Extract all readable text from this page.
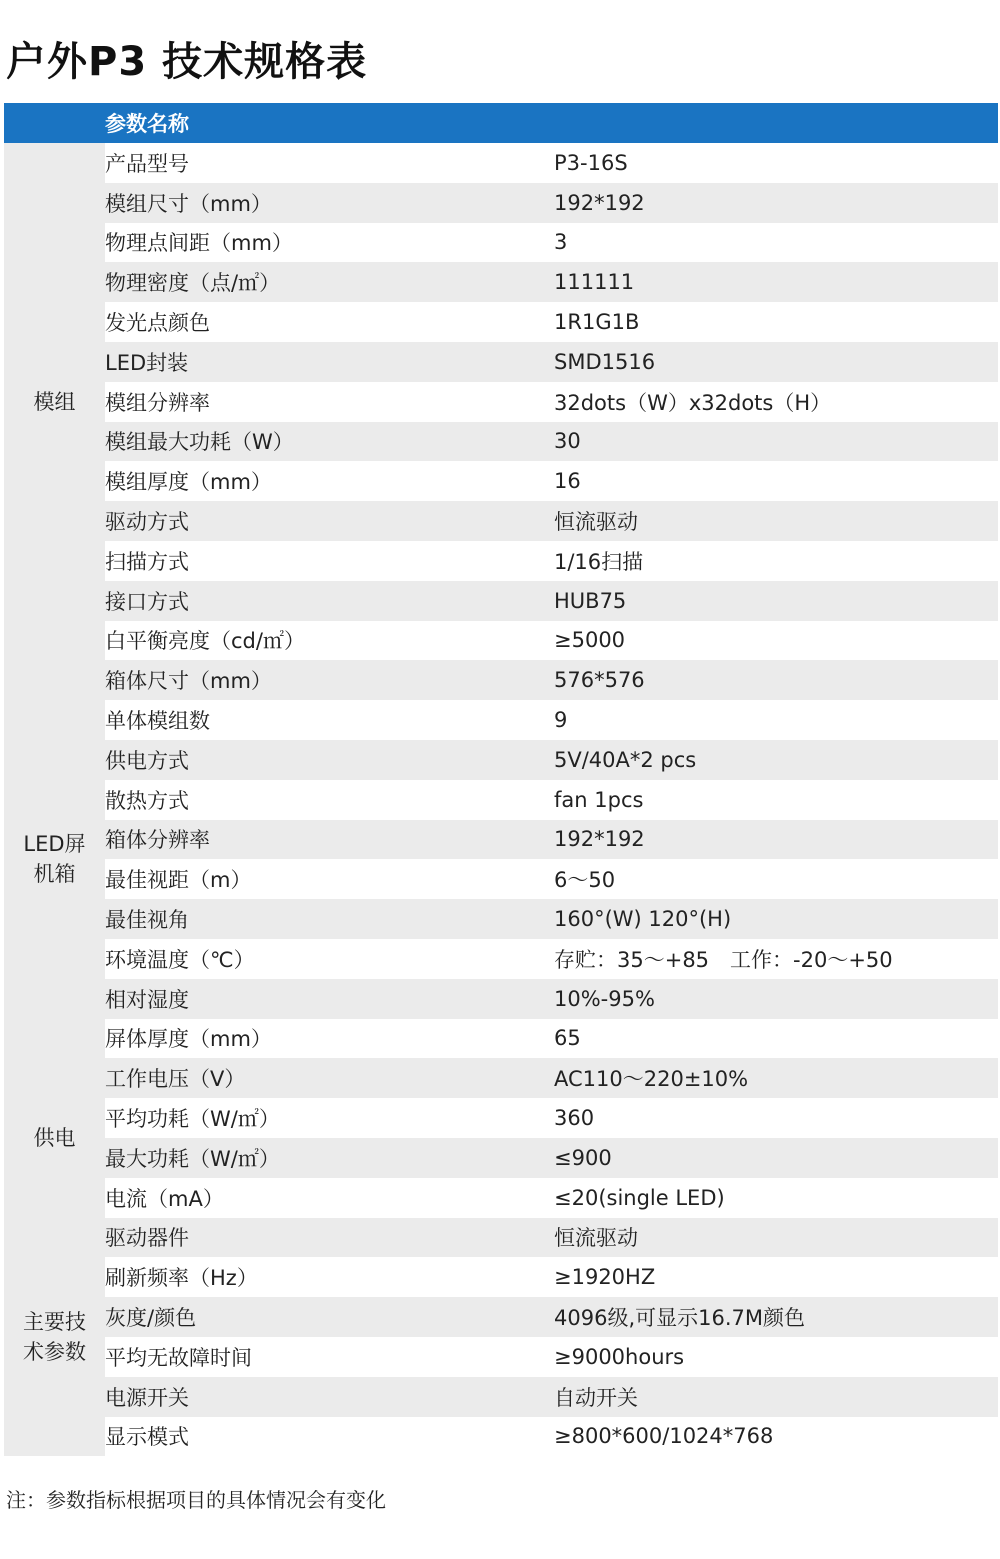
户外P3 技术规格表
	参数名称	
模组	产品型号	P3-16S
	模组尺寸（mm）	192*192
	物理点间距（mm）	3
	物理密度（点/㎡）	111111
	发光点颜色	1R1G1B
	LED封装	SMD1516
	模组分辨率	32dots（W）x32dots（H）
	模组最大功耗（W）	30
	模组厚度（mm）	16
	驱动方式	恒流驱动
	扫描方式	1/16扫描
	接口方式	HUB75
	白平衡亮度（cd/㎡）	≥5000
LED屏机箱	箱体尺寸（mm）	576*576
	单体模组数	9
	供电方式	5V/40A*2 pcs
	散热方式	fan 1pcs
	箱体分辨率	192*192
	最佳视距（m）	6～50
	最佳视角	160°(W) 120°(H)
	环境温度（℃）	存贮：35～+85　工作：-20～+50
	相对湿度	10%-95%
	屏体厚度（mm）	65
供电	工作电压（V）	AC110～220±10%
	平均功耗（W/㎡）	360
	最大功耗（W/㎡）	≤900
	电流（mA）	≤20(single LED)
主要技术参数	驱动器件	恒流驱动
	刷新频率（Hz）	≥1920HZ
	灰度/颜色	4096级,可显示16.7M颜色
	平均无故障时间	≥9000hours
	电源开关	自动开关
	显示模式	≥800*600/1024*768
注：参数指标根据项目的具体情况会有变化
